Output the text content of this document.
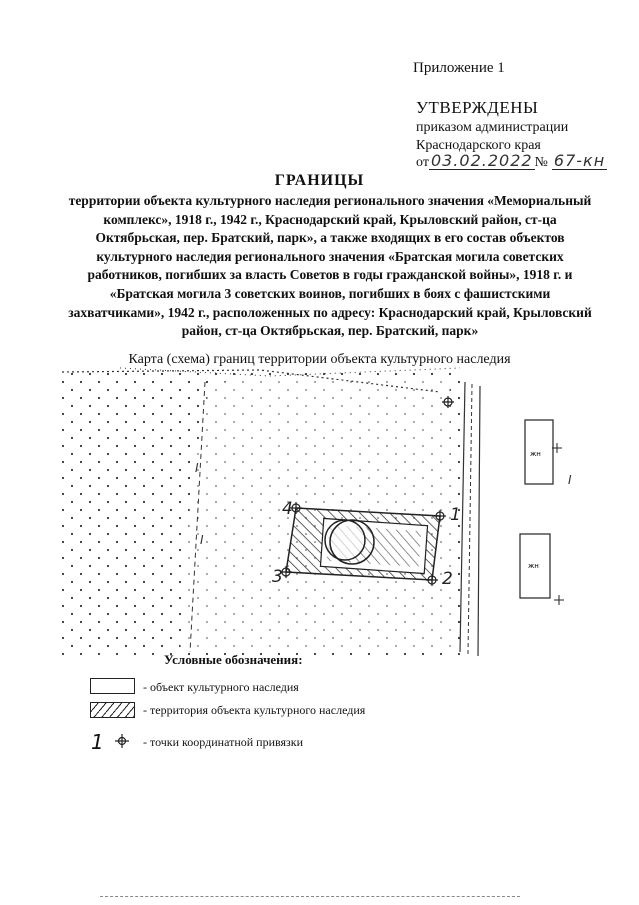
Приложение 1
УТВЕРЖДЕНЫ
приказом администрации
Краснодарского края
от 03.02.2022 № 67-кн
ГРАНИЦЫ
территории объекта культурного наследия регионального значения «Мемориальный комплекс», 1918 г., 1942 г., Краснодарский край, Крыловский район, ст-ца Октябрьская, пер. Братский, парк», а также входящих в его состав объектов культурного наследия регионального значения «Братская могила советских работников, погибших за власть Советов в годы гражданской войны», 1918 г. и «Братская могила 3 советских воинов, погибших в боях с фашистскими захватчиками», 1942 г., расположенных по адресу: Краснодарский край, Крыловский район, ст-ца Октябрьская, пер. Братский, парк»
Карта (схема) границ территории объекта культурного наследия
жн
жн
I
I
I
1
2
3
4
Условные обозначения:
- объект культурного наследия
- территория объекта культурного наследия
1	- точки координатной привязки
